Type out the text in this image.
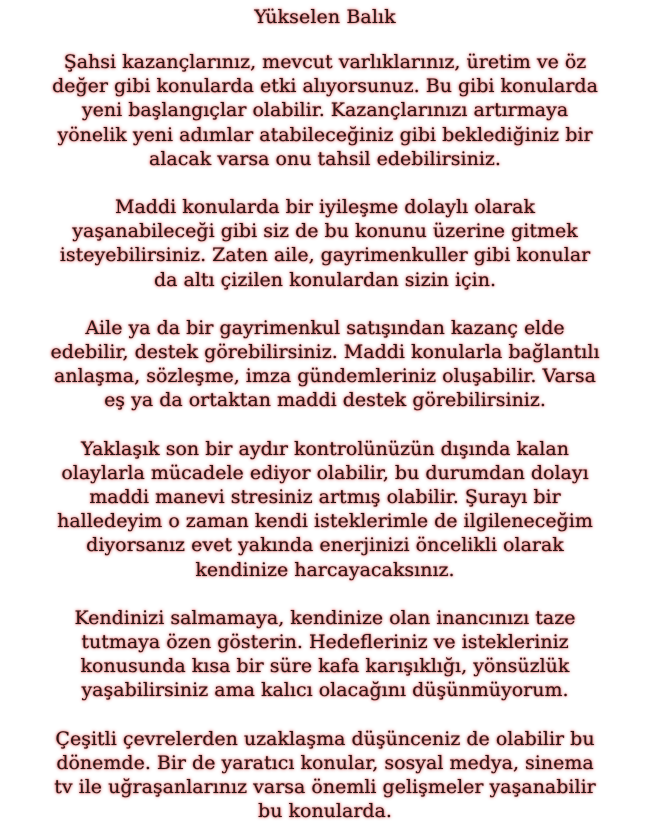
Yükselen Balık
Şahsi kazançlarınız, mevcut varlıklarınız, üretim ve öz
değer gibi konularda etki alıyorsunuz. Bu gibi konularda
yeni başlangıçlar olabilir. Kazançlarınızı artırmaya
yönelik yeni adımlar atabileceğiniz gibi beklediğiniz bir
alacak varsa onu tahsil edebilirsiniz.
Maddi konularda bir iyileşme dolaylı olarak
yaşanabileceği gibi siz de bu konunu üzerine gitmek
isteyebilirsiniz. Zaten aile, gayrimenkuller gibi konular
da altı çizilen konulardan sizin için.
Aile ya da bir gayrimenkul satışından kazanç elde
edebilir, destek görebilirsiniz. Maddi konularla bağlantılı
anlaşma, sözleşme, imza gündemleriniz oluşabilir. Varsa
eş ya da ortaktan maddi destek görebilirsiniz.
Yaklaşık son bir aydır kontrolünüzün dışında kalan
olaylarla mücadele ediyor olabilir, bu durumdan dolayı
maddi manevi stresiniz artmış olabilir. Şurayı bir
halledeyim o zaman kendi isteklerimle de ilgileneceğim
diyorsanız evet yakında enerjinizi öncelikli olarak
kendinize harcayacaksınız.
Kendinizi salmamaya, kendinize olan inancınızı taze
tutmaya özen gösterin. Hedefleriniz ve istekleriniz
konusunda kısa bir süre kafa karışıklığı, yönsüzlük
yaşabilirsiniz ama kalıcı olacağını düşünmüyorum.
Çeşitli çevrelerden uzaklaşma düşünceniz de olabilir bu
dönemde. Bir de yaratıcı konular, sosyal medya, sinema
tv ile uğraşanlarınız varsa önemli gelişmeler yaşanabilir
bu konularda.
